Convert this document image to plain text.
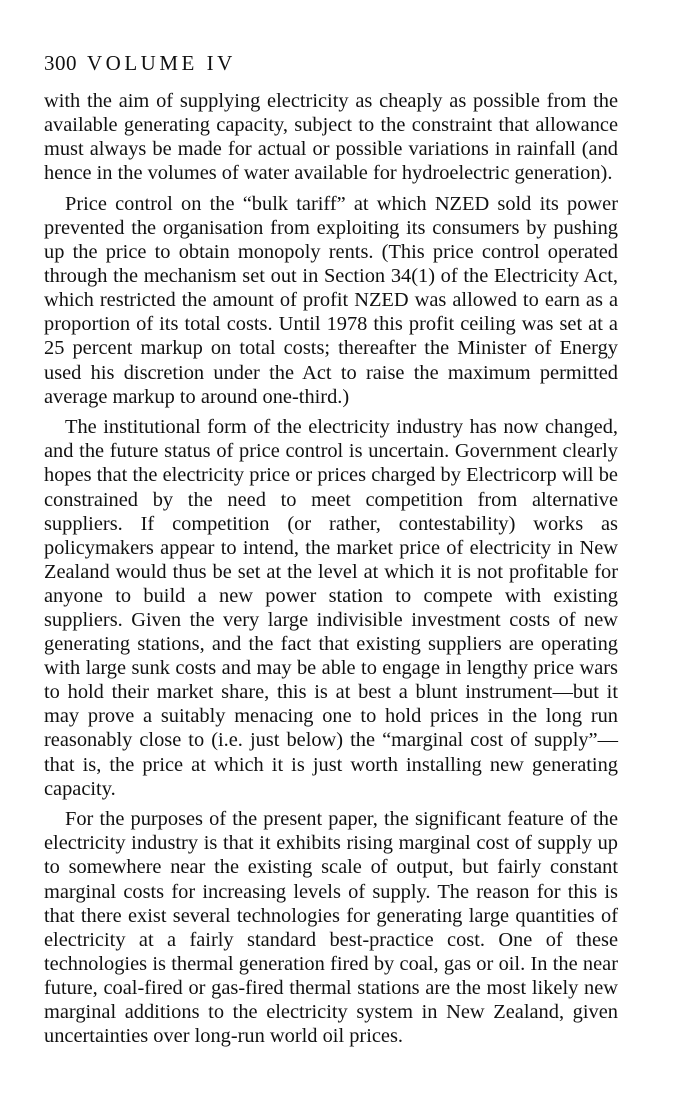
300 VOLUME IV

with the aim of supplying electricity as cheaply as possible from the available generating capacity, subject to the constraint that allowance must always be made for actual or possible variations in rainfall (and hence in the volumes of water available for hydroelectric generation).

Price control on the “bulk tariff” at which NZED sold its power prevented the organisation from exploiting its consumers by pushing up the price to obtain monopoly rents. (This price control operated through the mechanism set out in Section 34(1) of the Electricity Act, which restricted the amount of profit NZED was allowed to earn as a proportion of its total costs. Until 1978 this profit ceiling was set at a 25 percent markup on total costs; thereafter the Minister of Energy used his discretion under the Act to raise the maximum permitted average markup to around one-third.)

The institutional form of the electricity industry has now changed, and the future status of price control is uncertain. Government clearly hopes that the electricity price or prices charged by Electricorp will be constrained by the need to meet competition from alternative suppliers. If competition (or rather, contestability) works as policymakers appear to intend, the market price of electricity in New Zealand would thus be set at the level at which it is not profitable for anyone to build a new power station to compete with existing suppliers. Given the very large indivisible investment costs of new generating stations, and the fact that existing suppliers are operating with large sunk costs and may be able to engage in lengthy price wars to hold their market share, this is at best a blunt instrument—but it may prove a suitably menacing one to hold prices in the long run reasonably close to (i.e. just below) the “marginal cost of supply”—that is, the price at which it is just worth installing new generating capacity.

For the purposes of the present paper, the significant feature of the electricity industry is that it exhibits rising marginal cost of supply up to somewhere near the existing scale of output, but fairly constant marginal costs for increasing levels of supply. The reason for this is that there exist several technologies for generating large quantities of electricity at a fairly standard best-practice cost. One of these technologies is thermal generation fired by coal, gas or oil. In the near future, coal-fired or gas-fired thermal stations are the most likely new marginal additions to the electricity system in New Zealand, given uncertainties over long-run world oil prices.
